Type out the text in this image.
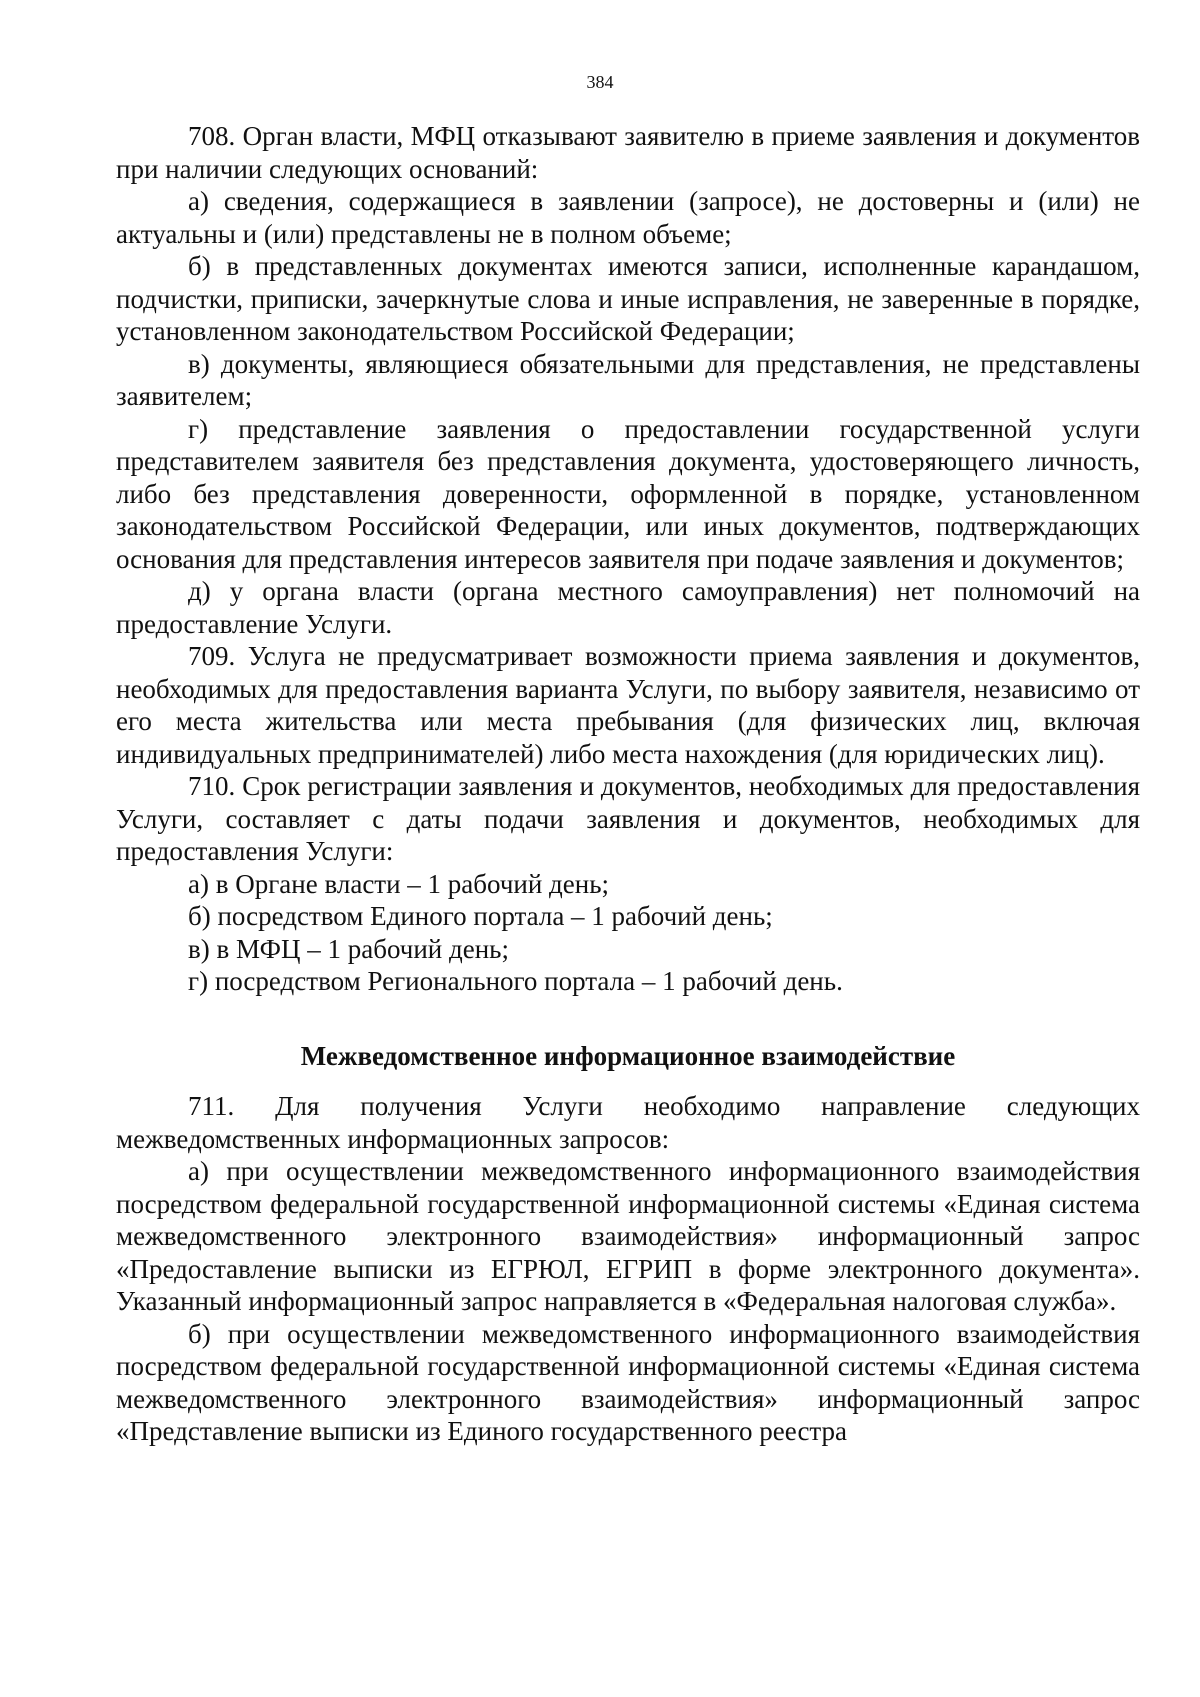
384

708. Орган власти, МФЦ отказывают заявителю в приеме заявления и документов при наличии следующих оснований:

а) сведения, содержащиеся в заявлении (запросе), не достоверны и (или) не актуальны и (или) представлены не в полном объеме;

б) в представленных документах имеются записи, исполненные карандашом, подчистки, приписки, зачеркнутые слова и иные исправления, не заверенные в порядке, установленном законодательством Российской Федерации;

в) документы, являющиеся обязательными для представления, не представлены заявителем;

г) представление заявления о предоставлении государственной услуги представителем заявителя без представления документа, удостоверяющего личность, либо без представления доверенности, оформленной в порядке, установленном законодательством Российской Федерации, или иных документов, подтверждающих основания для представления интересов заявителя при подаче заявления и документов;

д) у органа власти (органа местного самоуправления) нет полномочий на предоставление Услуги.

709. Услуга не предусматривает возможности приема заявления и документов, необходимых для предоставления варианта Услуги, по выбору заявителя, независимо от его места жительства или места пребывания (для физических лиц, включая индивидуальных предпринимателей) либо места нахождения (для юридических лиц).

710. Срок регистрации заявления и документов, необходимых для предоставления Услуги, составляет с даты подачи заявления и документов, необходимых для предоставления Услуги:

а) в Органе власти – 1 рабочий день;

б) посредством Единого портала – 1 рабочий день;

в) в МФЦ – 1 рабочий день;

г) посредством Регионального портала – 1 рабочий день.

Межведомственное информационное взаимодействие

711. Для получения Услуги необходимо направление следующих межведомственных информационных запросов:

а) при осуществлении межведомственного информационного взаимодействия посредством федеральной государственной информационной системы «Единая система межведомственного электронного взаимодействия» информационный запрос «Предоставление выписки из ЕГРЮЛ, ЕГРИП в форме электронного документа». Указанный информационный запрос направляется в «Федеральная налоговая служба».

б) при осуществлении межведомственного информационного взаимодействия посредством федеральной государственной информационной системы «Единая система межведомственного электронного взаимодействия» информационный запрос «Представление выписки из Единого государственного реестра
